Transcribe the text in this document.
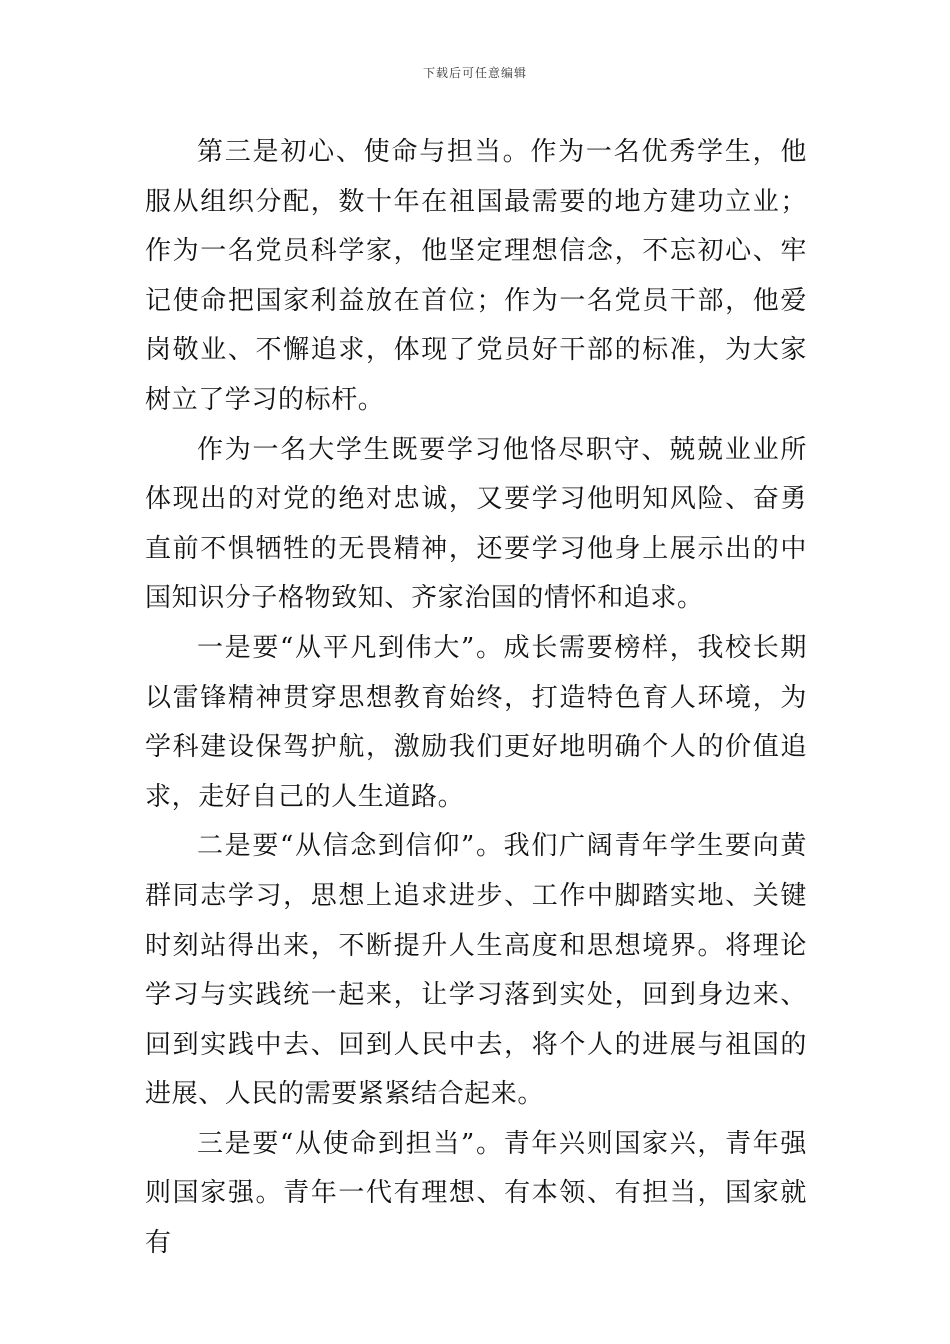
下载后可任意编辑

第三是初心、使命与担当。作为一名优秀学生，他服从组织分配，数十年在祖国最需要的地方建功立业；作为一名党员科学家，他坚定理想信念，不忘初心、牢记使命把国家利益放在首位；作为一名党员干部，他爱岗敬业、不懈追求，体现了党员好干部的标准，为大家树立了学习的标杆。

作为一名大学生既要学习他恪尽职守、兢兢业业所体现出的对党的绝对忠诚，又要学习他明知风险、奋勇直前不惧牺牲的无畏精神，还要学习他身上展示出的中国知识分子格物致知、齐家治国的情怀和追求。

一是要“从平凡到伟大”。成长需要榜样，我校长期以雷锋精神贯穿思想教育始终，打造特色育人环境，为学科建设保驾护航，激励我们更好地明确个人的价值追求，走好自己的人生道路。

二是要“从信念到信仰”。我们广阔青年学生要向黄群同志学习，思想上追求进步、工作中脚踏实地、关键时刻站得出来，不断提升人生高度和思想境界。将理论学习与实践统一起来，让学习落到实处，回到身边来、回到实践中去、回到人民中去，将个人的进展与祖国的进展、人民的需要紧紧结合起来。

三是要“从使命到担当”。青年兴则国家兴，青年强则国家强。青年一代有理想、有本领、有担当，国家就有
